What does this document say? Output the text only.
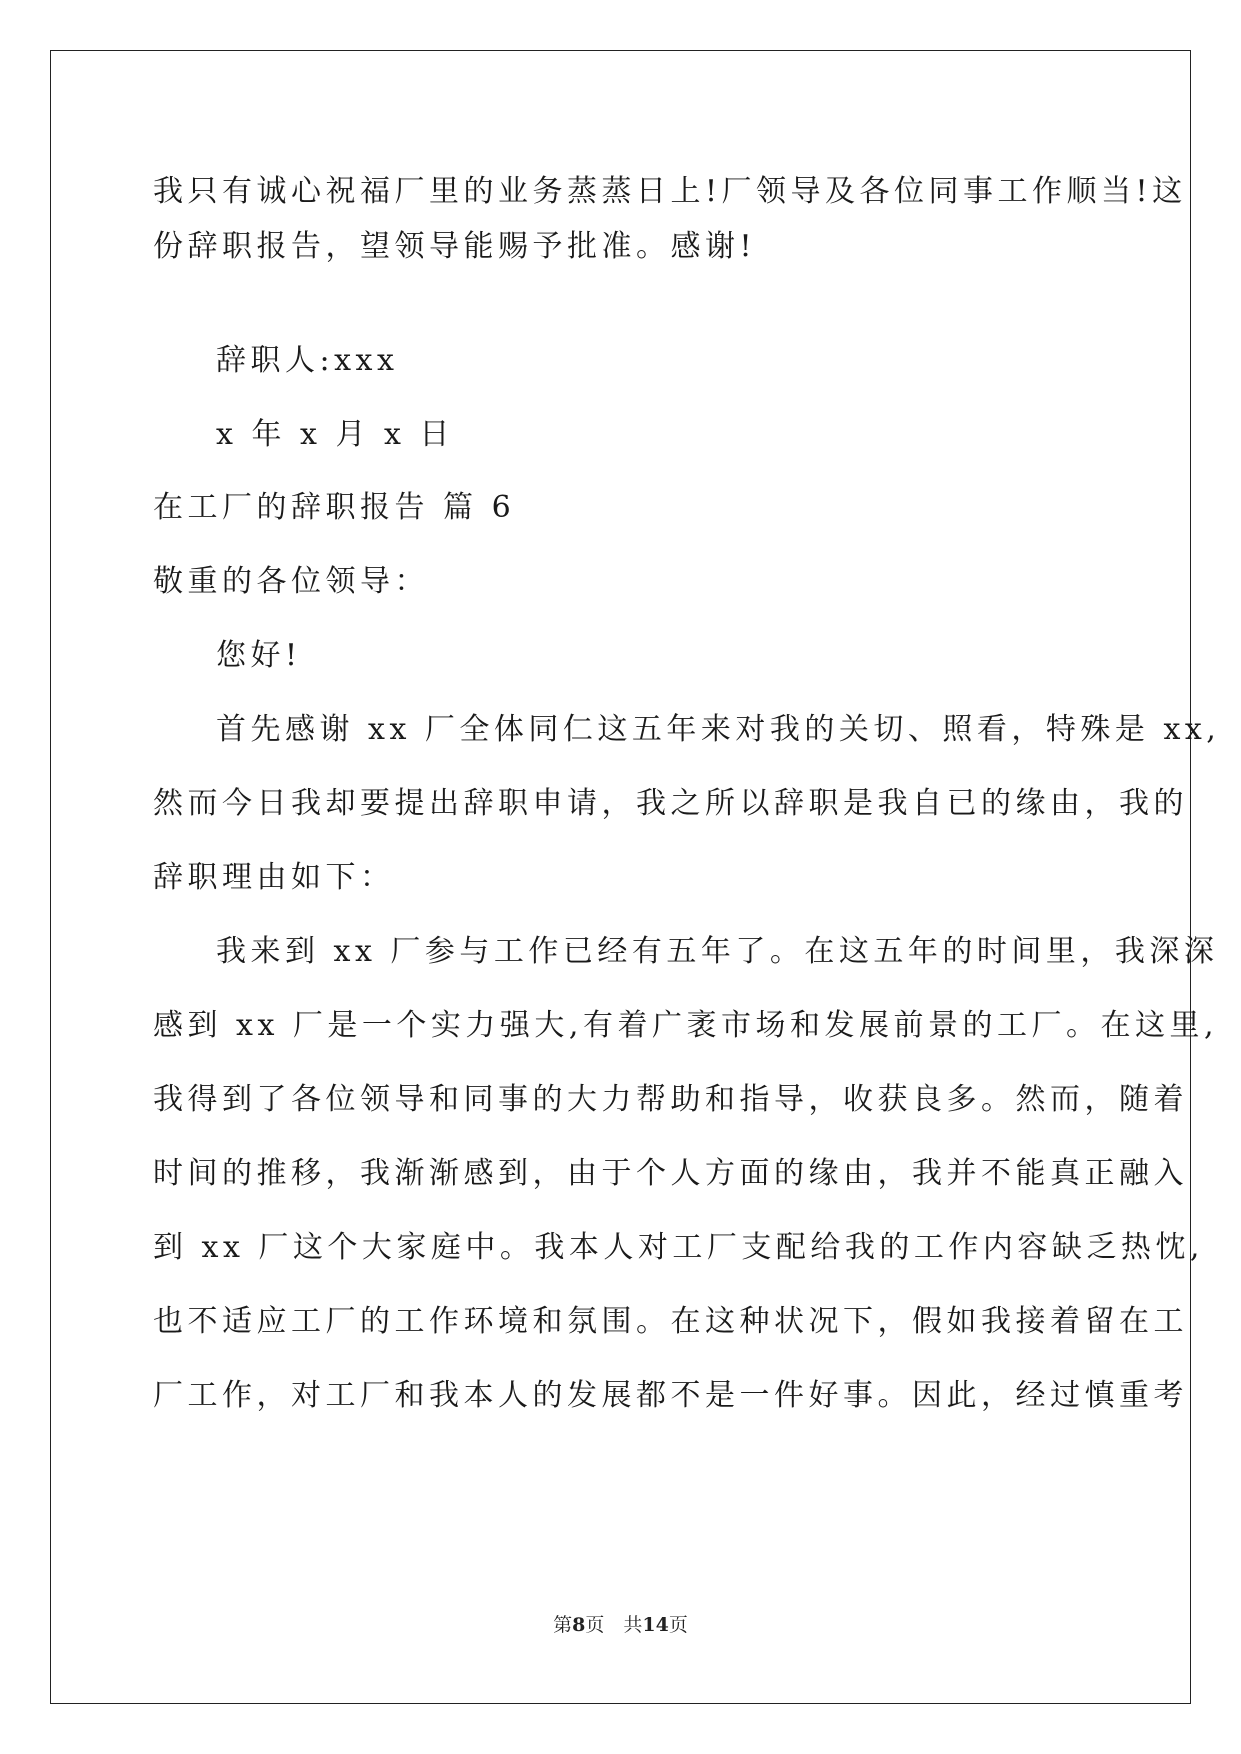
我只有诚心祝福厂里的业务蒸蒸日上!厂领导及各位同事工作顺当!这
份辞职报告，望领导能赐予批准。感谢!
辞职人:xxx
x 年 x 月 x 日
在工厂的辞职报告 篇 6
敬重的各位领导：
您好!
首先感谢 xx 厂全体同仁这五年来对我的关切、照看，特殊是 xx,
然而今日我却要提出辞职申请，我之所以辞职是我自已的缘由，我的
辞职理由如下：
我来到 xx 厂参与工作已经有五年了。在这五年的时间里，我深深
感到 xx 厂是一个实力强大,有着广袤市场和发展前景的工厂。在这里,
我得到了各位领导和同事的大力帮助和指导，收获良多。然而，随着
时间的推移，我渐渐感到，由于个人方面的缘由，我并不能真正融入
到 xx 厂这个大家庭中。我本人对工厂支配给我的工作内容缺乏热忱,
也不适应工厂的工作环境和氛围。在这种状况下，假如我接着留在工
厂工作，对工厂和我本人的发展都不是一件好事。因此，经过慎重考
第8页　共14页
